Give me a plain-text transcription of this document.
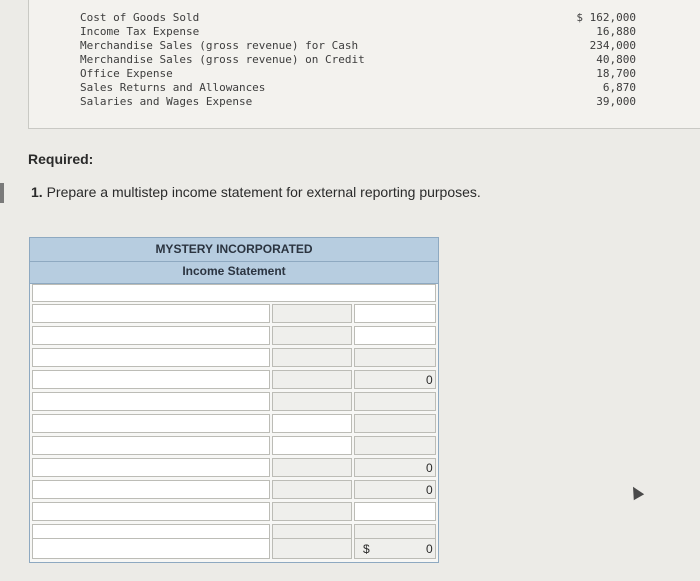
Cost of Goods Sold
Income Tax Expense
Merchandise Sales (gross revenue) for Cash
Merchandise Sales (gross revenue) on Credit
Office Expense
Sales Returns and Allowances
Salaries and Wages Expense
$ 162,000
16,880
234,000
40,800
18,700
6,870
39,000
Required:
1. Prepare a multistep income statement for external reporting purposes.
MYSTERY INCORPORATED
Income Statement
0
0
0
$	0
